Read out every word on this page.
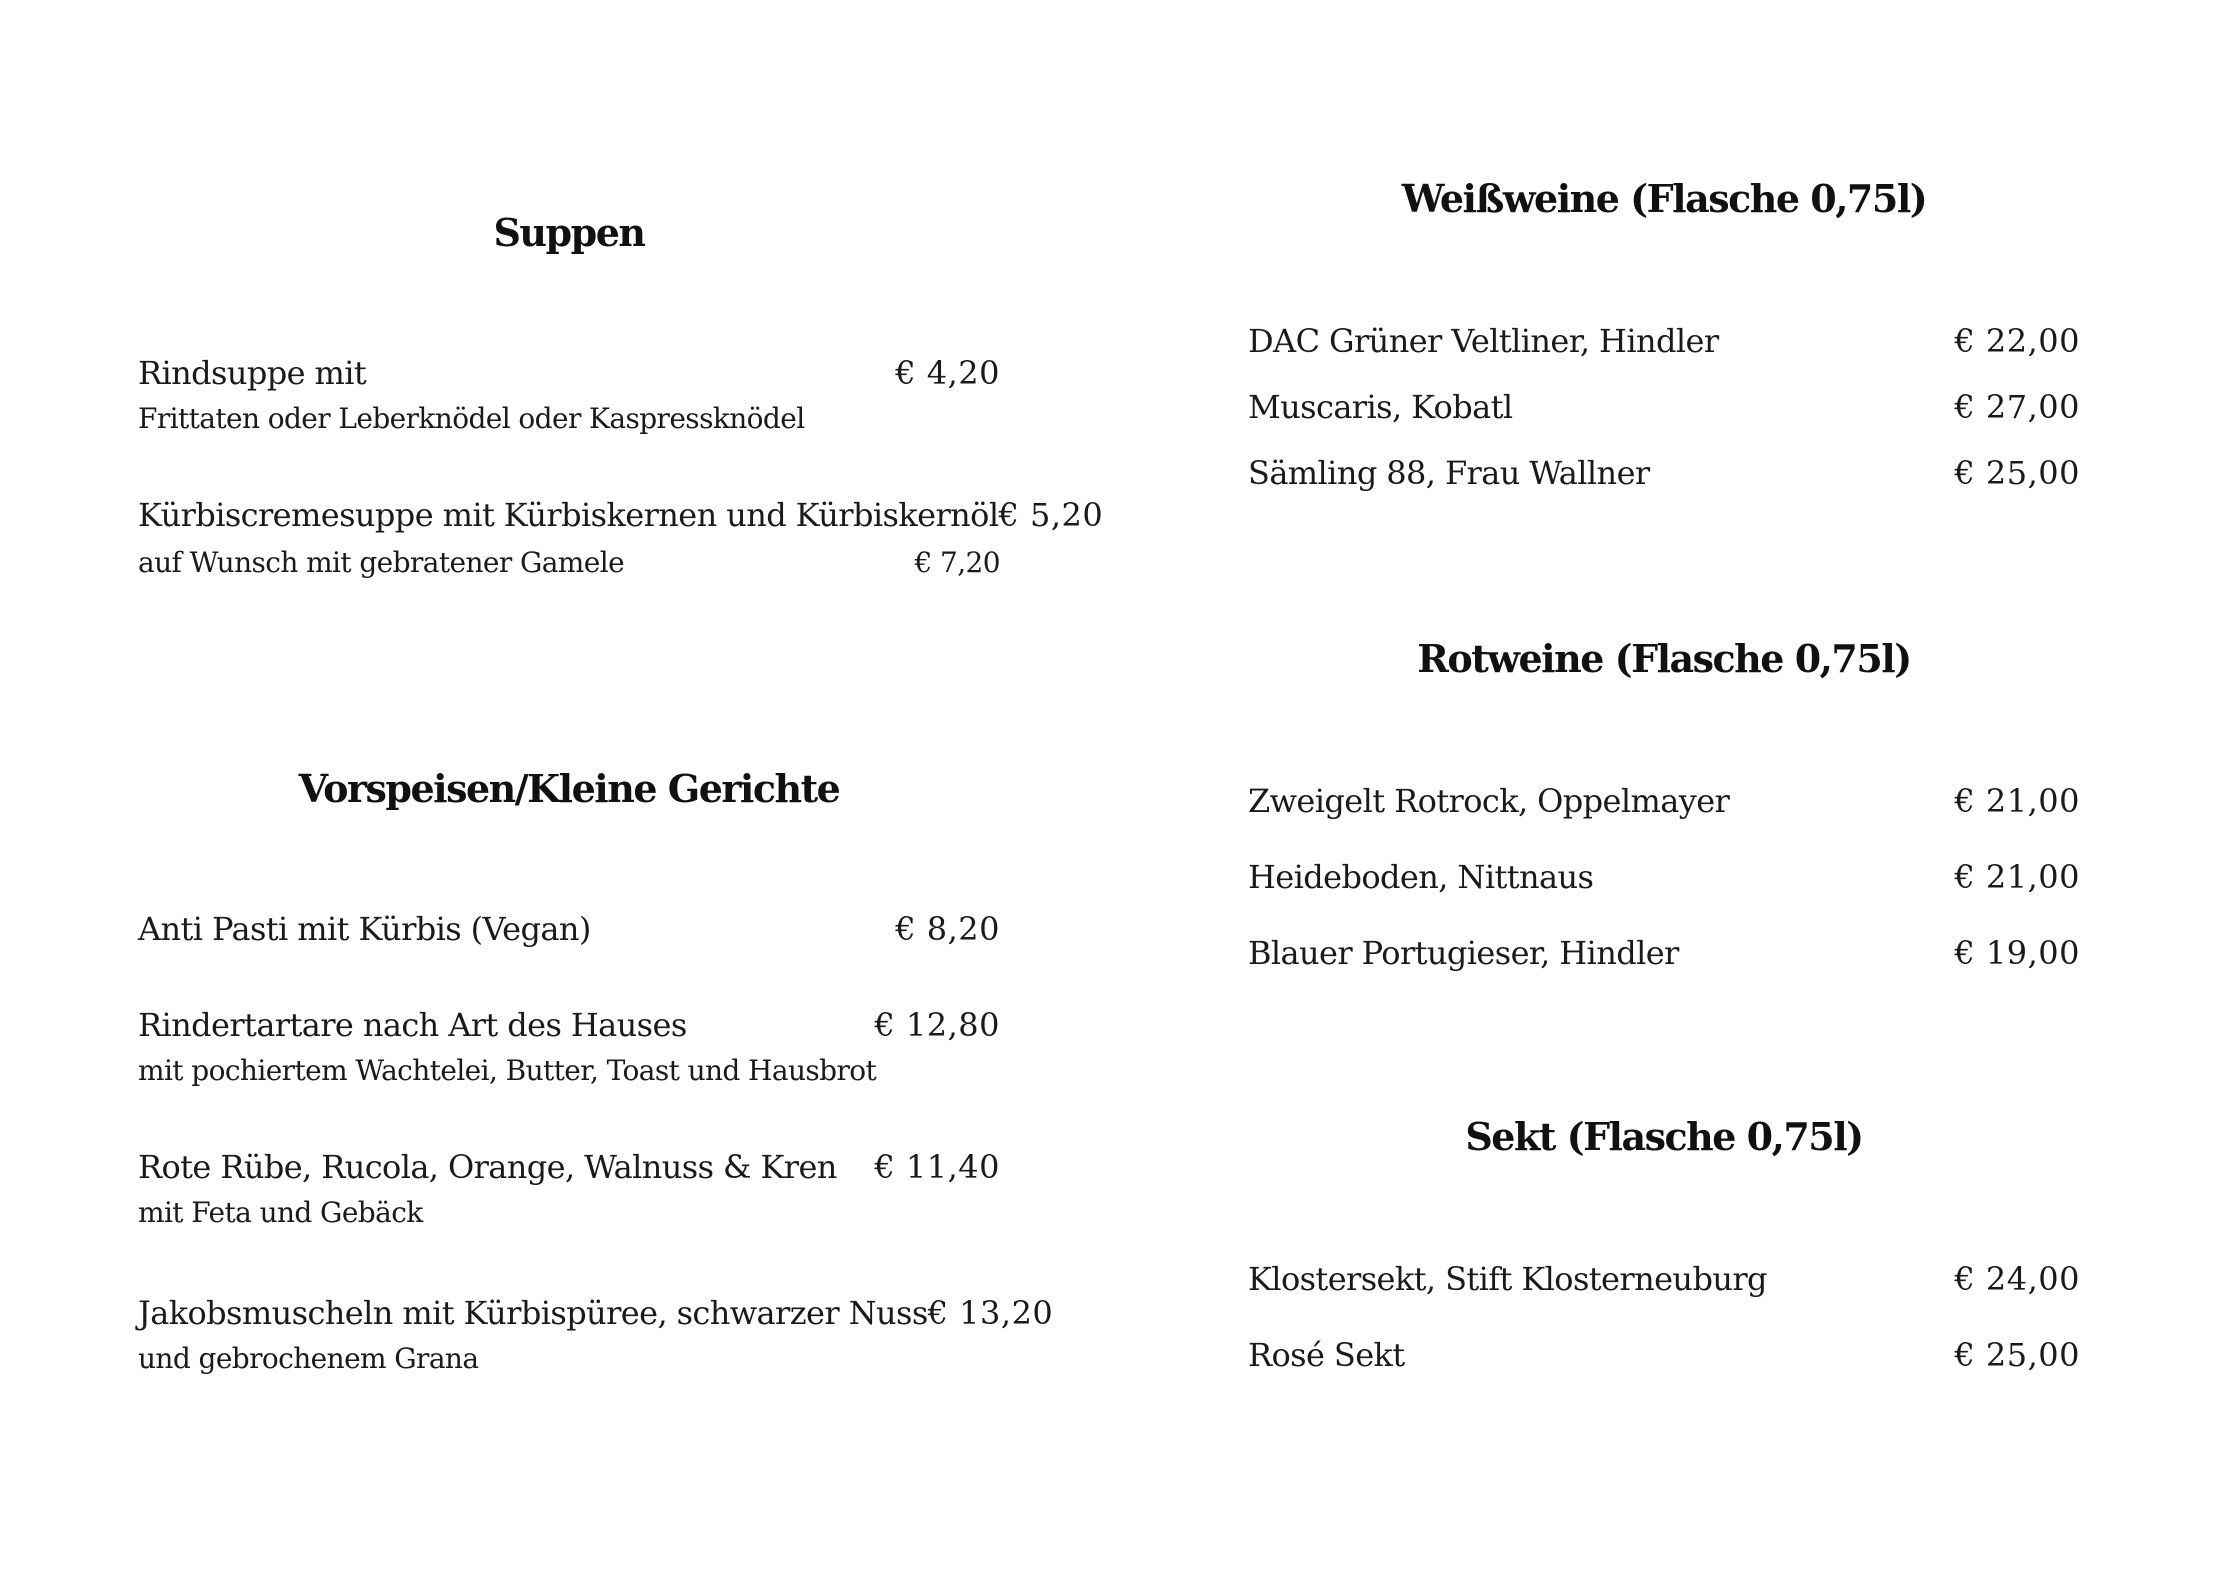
Suppen
Rindsuppe mit	€ 4,20
Frittaten oder Leberknödel oder Kaspressknödel
Kürbiscremesuppe mit Kürbiskernen und Kürbiskernöl € 5,20
auf Wunsch mit gebratener Gamele	€ 7,20
Vorspeisen/Kleine Gerichte
Anti Pasti mit Kürbis (Vegan)	€ 8,20
Rindertartare nach Art des Hauses	€ 12,80
mit pochiertem Wachtelei, Butter, Toast und Hausbrot
Rote Rübe, Rucola, Orange, Walnuss & Kren € 11,40
mit Feta und Gebäck
Jakobsmuscheln mit Kürbispüree, schwarzer Nuss € 13,20
und gebrochenem Grana
Weißweine (Flasche 0,75l)
DAC Grüner Veltliner, Hindler	€ 22,00
Muscaris, Kobatl	€ 27,00
Sämling 88, Frau Wallner	€ 25,00
Rotweine (Flasche 0,75l)
Zweigelt Rotrock, Oppelmayer	€ 21,00
Heideboden, Nittnaus	€ 21,00
Blauer Portugieser, Hindler	€ 19,00
Sekt (Flasche 0,75l)
Klostersekt, Stift Klosterneuburg	€ 24,00
Rosé Sekt	€ 25,00
